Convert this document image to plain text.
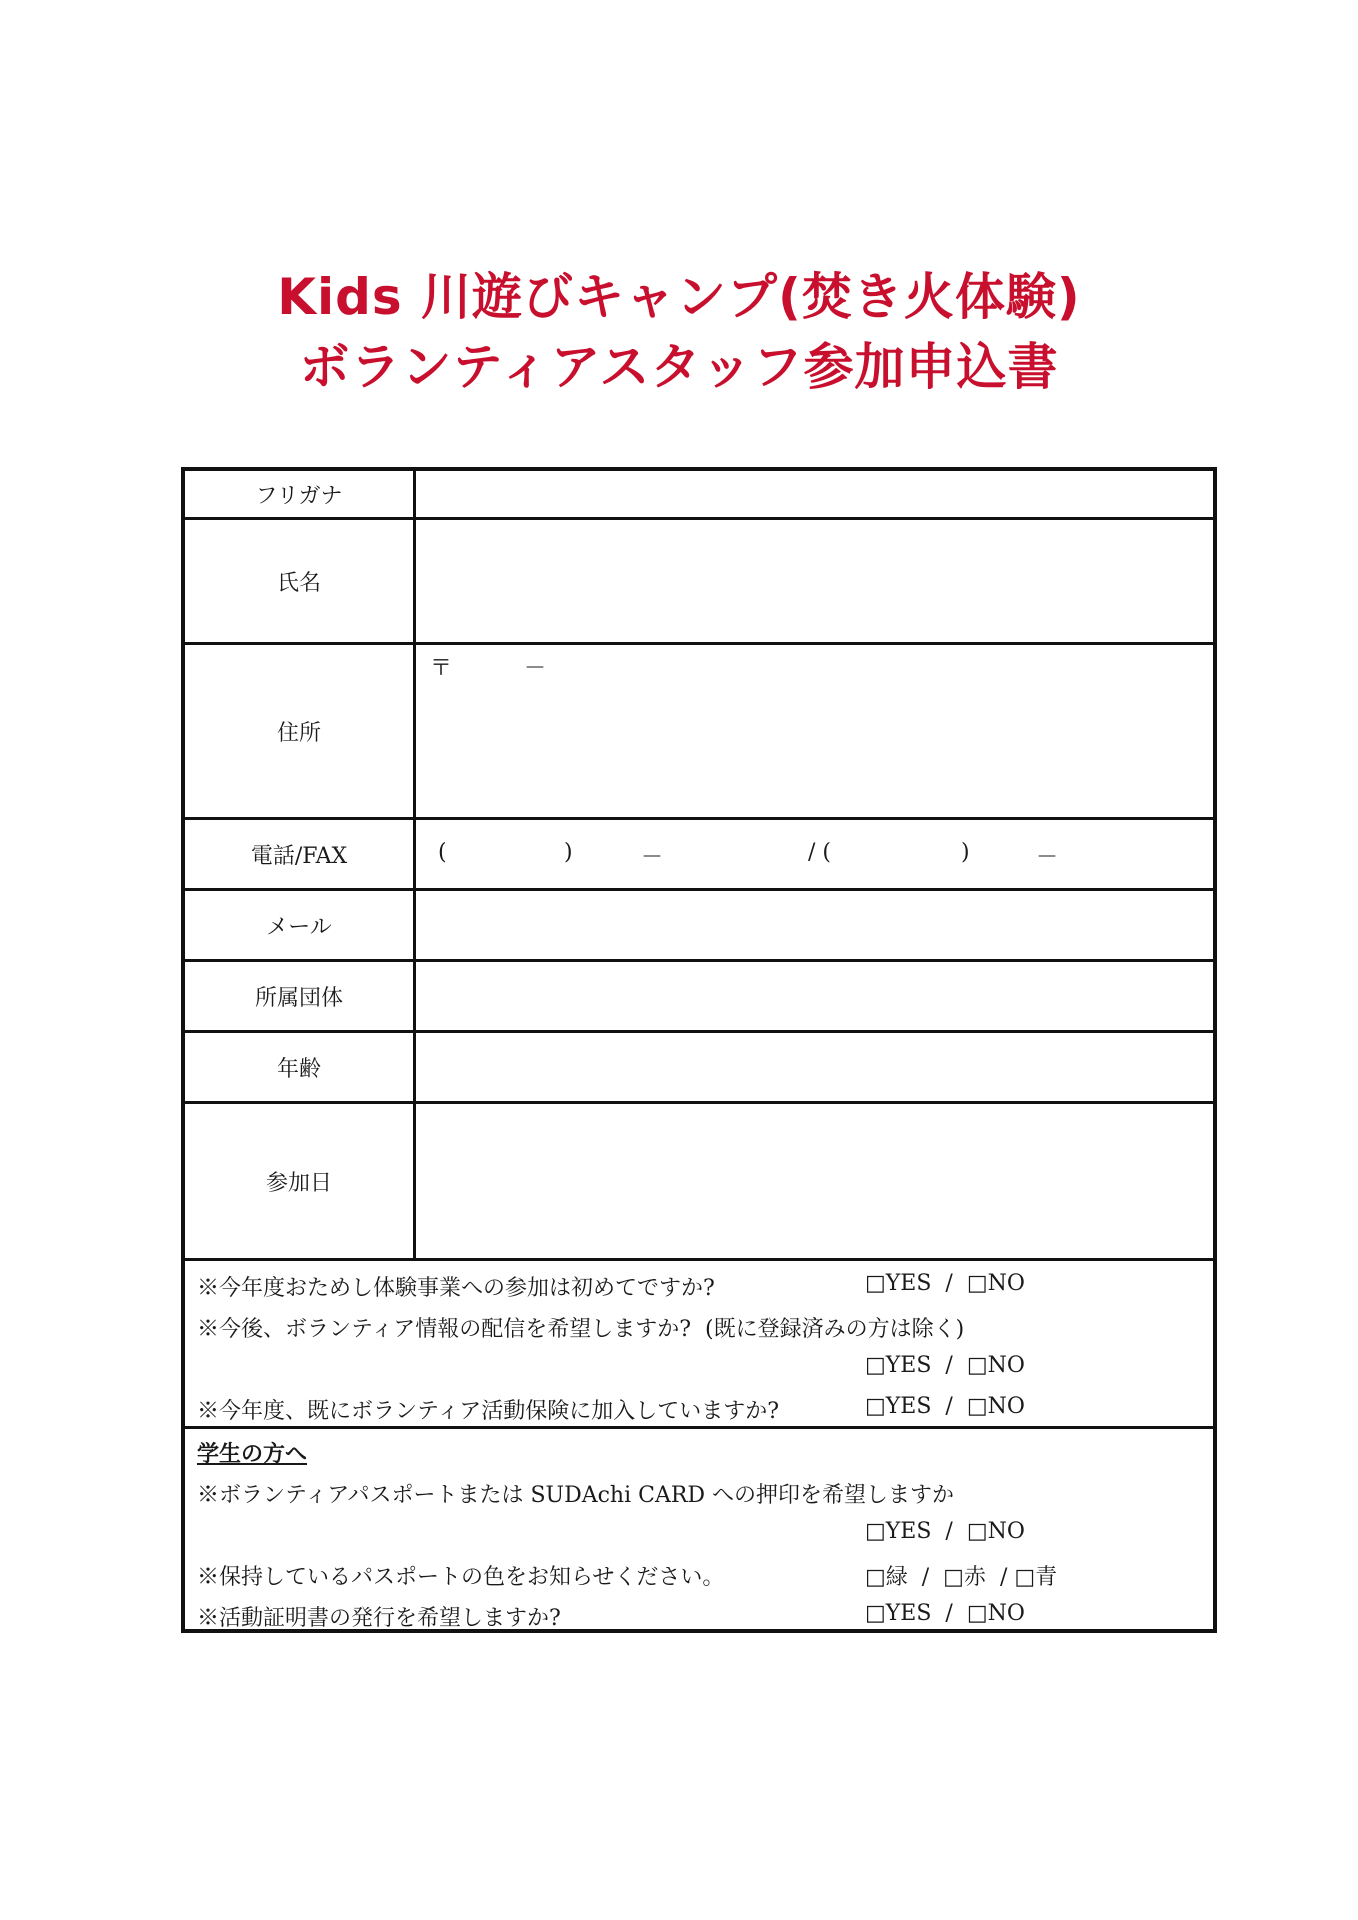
Kids 川遊びキャンプ(焚き火体験)
ボランティアスタッフ参加申込書
フリガナ
氏名
住所
〒	－
電話/FAX	(	)	－	/ (	)	－
メール
所属団体
年齢
参加日
※今年度おためし体験事業への参加は初めてですか?	□YES  /  □NO
※今後、ボランティア情報の配信を希望しますか?  (既に登録済みの方は除く)
□YES  /  □NO
※今年度、既にボランティア活動保険に加入していますか?	□YES  /  □NO
学生の方へ
※ボランティアパスポートまたは SUDAchi CARD への押印を希望しますか
□YES  /  □NO
※保持しているパスポートの色をお知らせください。	□緑  /  □赤  / □青
※活動証明書の発行を希望しますか?	□YES  /  □NO
